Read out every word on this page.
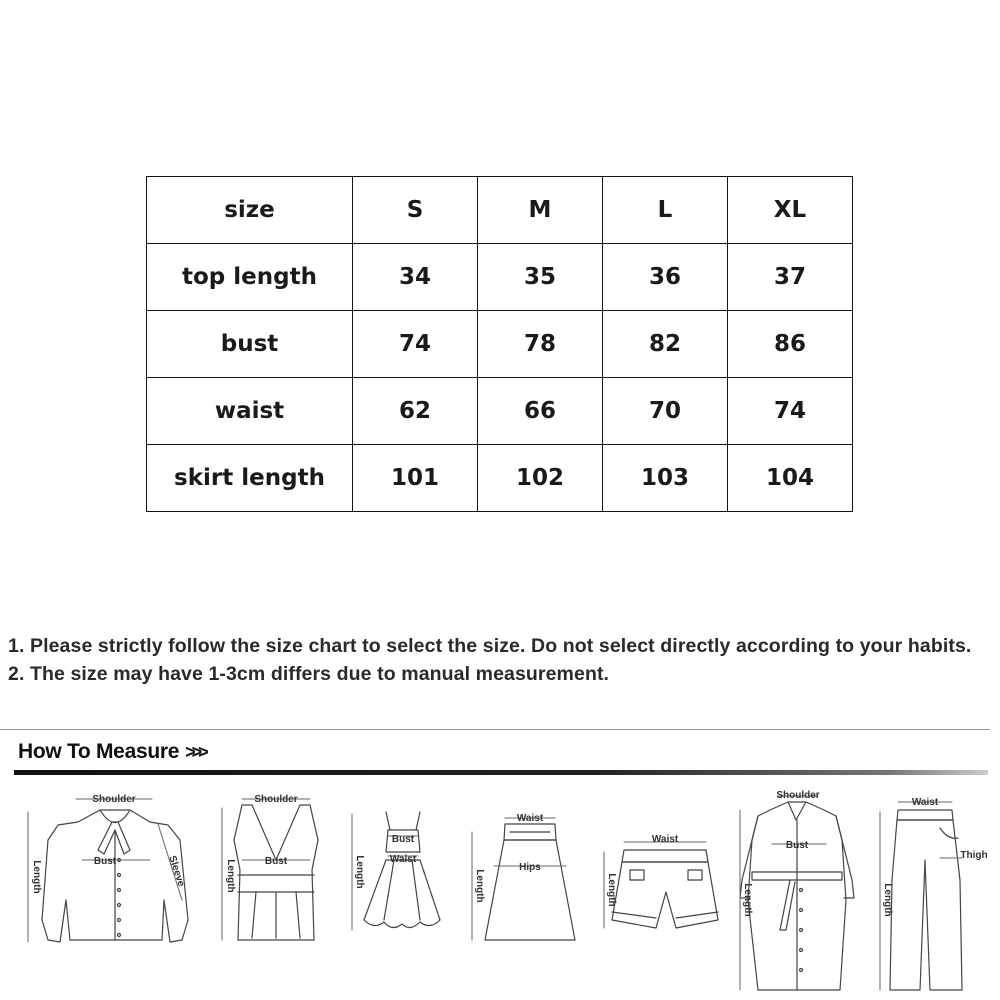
size	S	M	L	XL
top length	34	35	36	37
bust	74	78	82	86
waist	62	66	70	74
skirt length	101	102	103	104

1. Please strictly follow the size chart to select the size. Do not select directly according to your habits.

2. The size may have 1-3cm differs due to manual measurement.

How To Measure >>>
Shoulder
Bust	Sleeve
Length
Shoulder
Bust
Length
Bust
Waist
Length
Waist
Hips
Length
Waist
Length
Shoulder
Bust
Length
Waist
Thigh
Length
